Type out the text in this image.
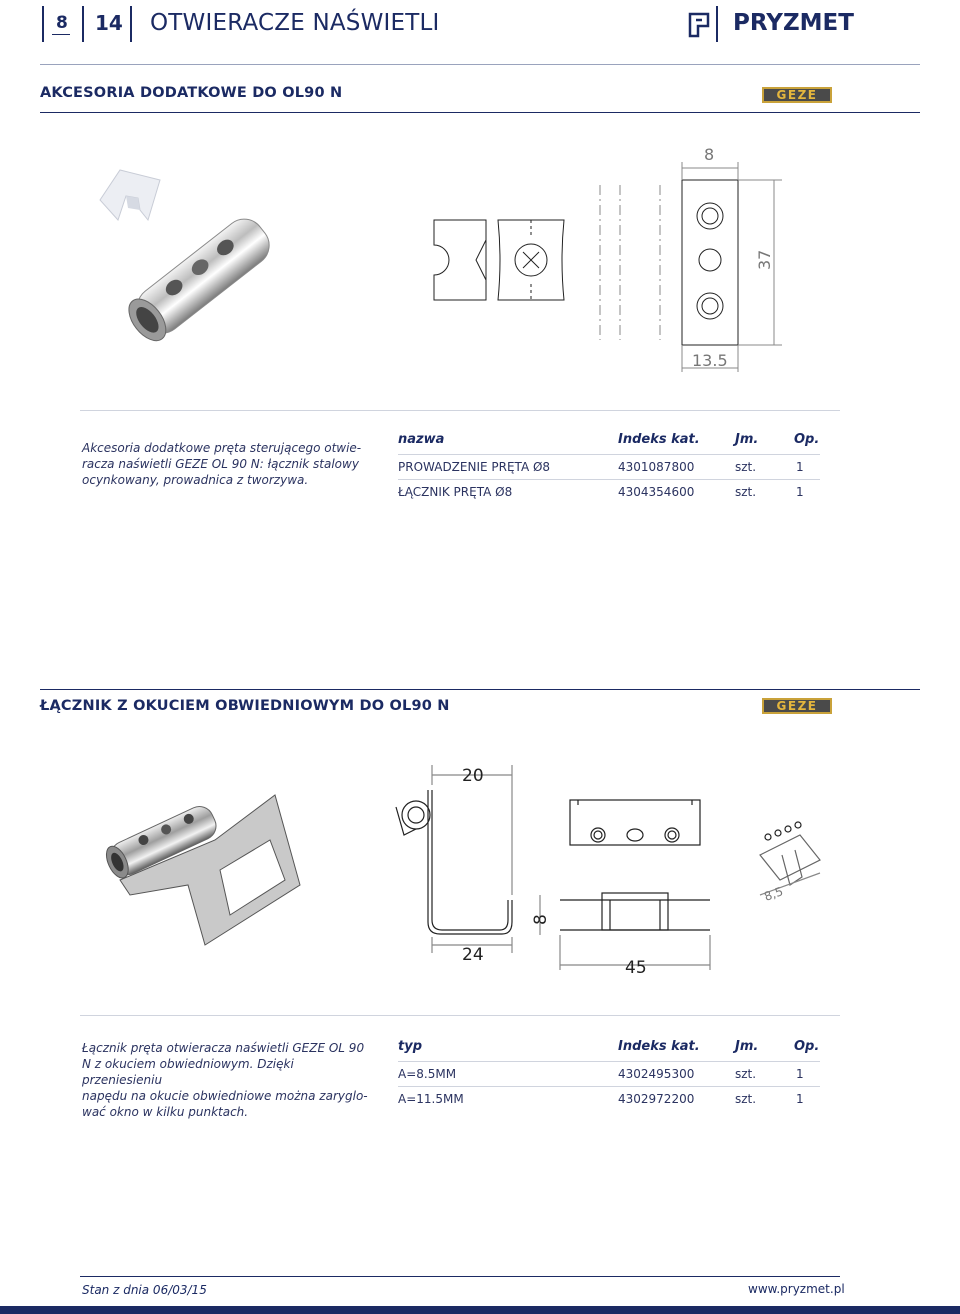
8 14 OTWIERACZE NAŚWIETLI	PRYZMET
AKCESORIA DODATKOWE DO OL90 N	GEZE
8
37
13.5
Akcesoria dodatkowe pręta sterującego otwie-
racza naświetli GEZE OL 90 N: łącznik stalowy
ocynkowany, prowadnica z tworzywa.
nazwa	Indeks kat.	Jm.	Op.
PROWADZENIE PRĘTA Ø8	4301087800	szt.	1
ŁĄCZNIK PRĘTA Ø8	4304354600	szt.	1
ŁĄCZNIK Z OKUCIEM OBWIEDNIOWYM DO OL90 N	GEZE
20
8
24
45
8,5
Łącznik pręta otwieracza naświetli GEZE OL 90
N z okuciem obwiedniowym. Dzięki przeniesieniu
napędu na okucie obwiedniowe można zaryglo-
wać okno w kilku punktach.
typ	Indeks kat.	Jm.	Op.
A=8.5MM	4302495300	szt.	1
A=11.5MM	4302972200	szt.	1
Stan z dnia 06/03/15	www.pryzmet.pl
